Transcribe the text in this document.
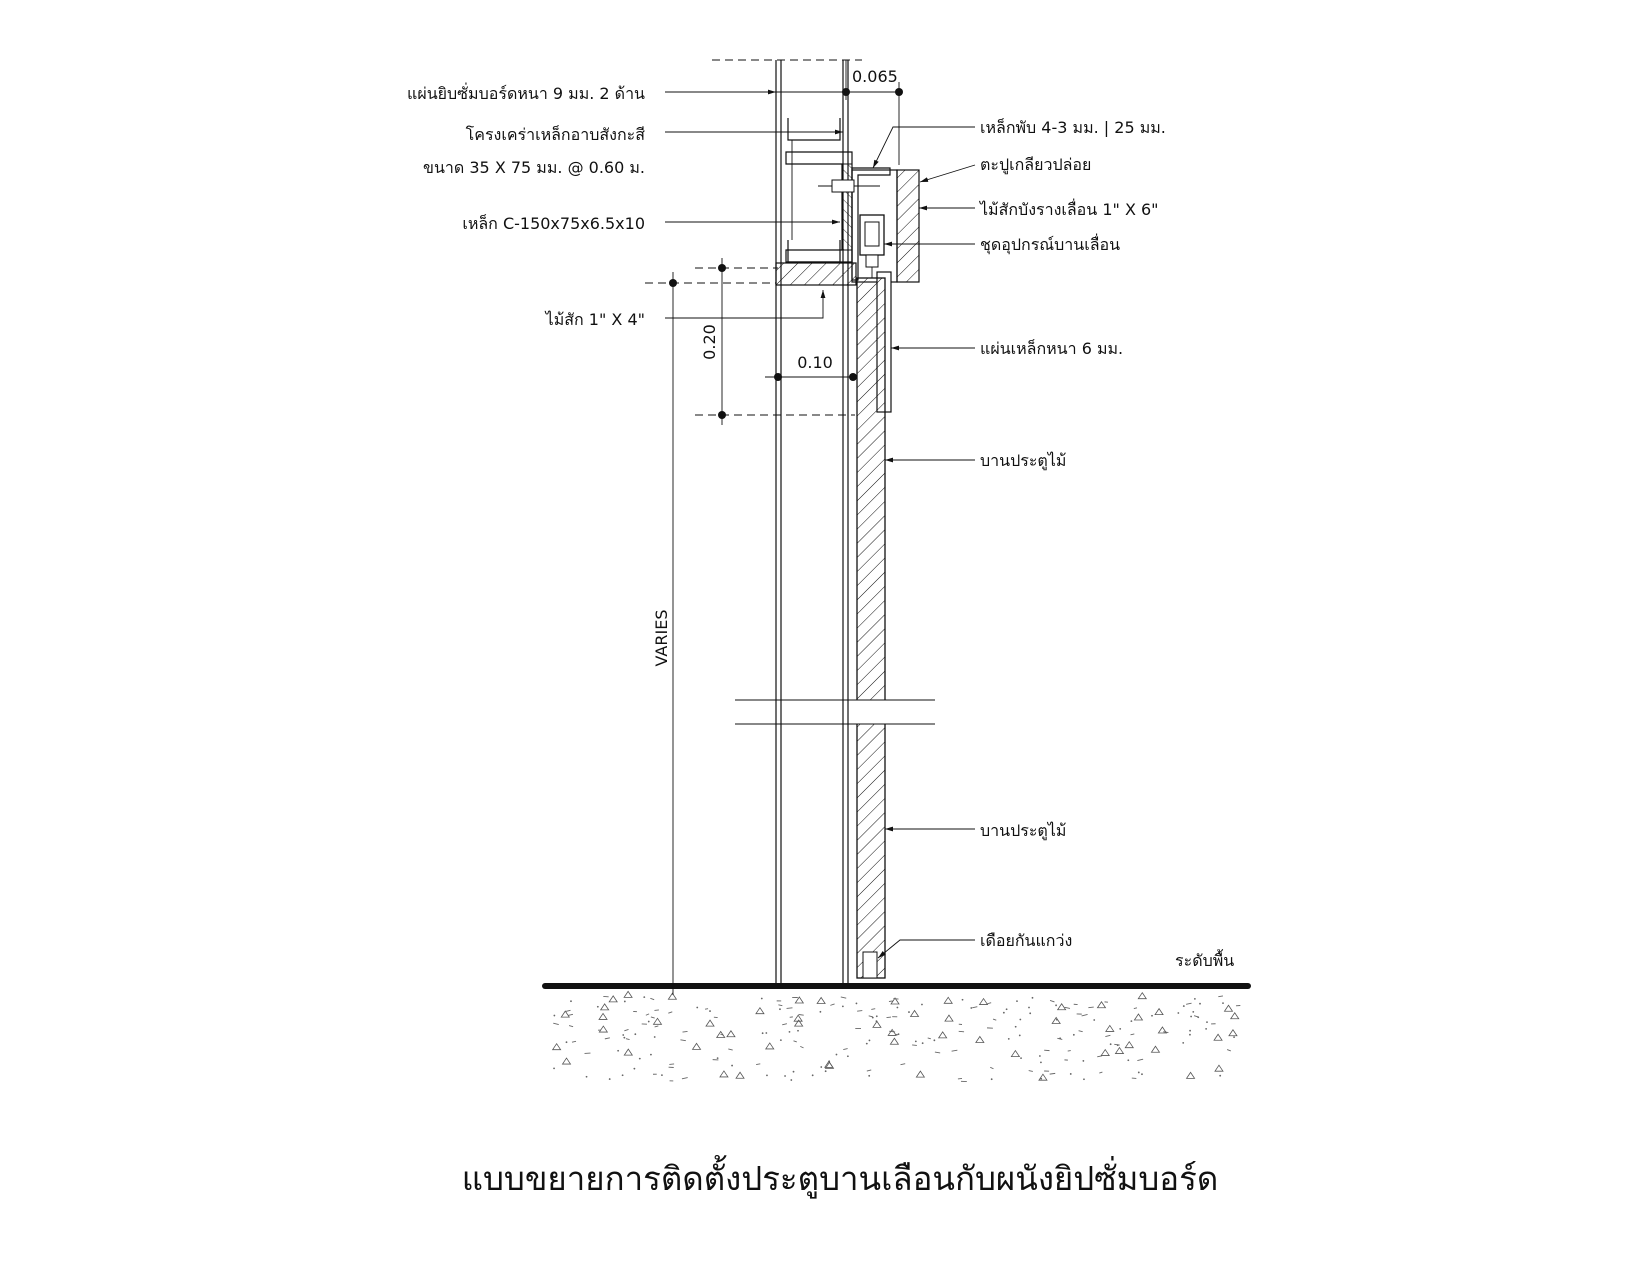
แผ่นยิบซั่มบอร์ดหนา 9 มม. 2 ด้าน
โครงเคร่าเหล็กอาบสังกะสี
ขนาด 35 X 75 มม. @ 0.60 ม.
เหล็ก C-150x75x6.5x10
ไม้สัก 1" X 4"
เหล็กพับ 4-3 มม. | 25 มม.
ตะปูเกลียวปล่อย
ไม้สักบังรางเลื่อน 1" X 6"
ชุดอุปกรณ์บานเลื่อน
แผ่นเหล็กหนา 6 มม.
บานประตูไม้
บานประตูไม้
เดือยกันแกว่ง
ระดับพื้น
0.065
0.20
0.10
VARIES
แบบขยายการติดตั้งประตูบานเลือนกับผนังยิปซั่มบอร์ด
